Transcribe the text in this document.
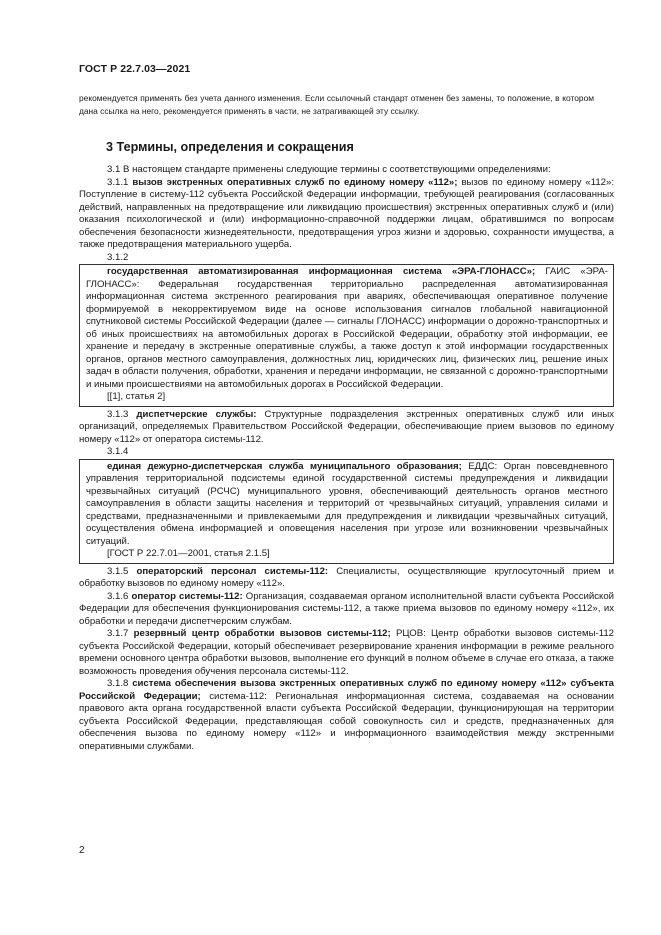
ГОСТ Р 22.7.03—2021
рекомендуется применять без учета данного изменения. Если ссылочный стандарт отменен без замены, то положение, в котором дана ссылка на него, рекомендуется применять в части, не затрагивающей эту ссылку.
3 Термины, определения и сокращения

3.1 В настоящем стандарте применены следующие термины с соответствующими определениями:

3.1.1 вызов экстренных оперативных служб по единому номеру «112»; вызов по единому номеру «112»: Поступление в систему-112 субъекта Российской Федерации информации, требующей реагирования (согласованных действий, направленных на предотвращение или ликвидацию происшествия) экстренных оперативных служб и (или) оказания психологической и (или) информационно-справочной поддержки лицам, обратившимся по вопросам обеспечения безопасности жизнедеятельности, предотвращения угроз жизни и здоровью, сохранности имущества, а также предотвращения материального ущерба.

3.1.2

государственная автоматизированная информационная система «ЭРА-ГЛОНАСС»; ГАИС «ЭРА-ГЛОНАСС»: Федеральная государственная территориально распределенная автоматизированная информационная система экстренного реагирования при авариях, обеспечивающая оперативное получение формируемой в некорректируемом виде на основе использования сигналов глобальной навигационной спутниковой системы Российской Федерации (далее — сигналы ГЛОНАСС) информации о дорожно-транспортных и об иных происшествиях на автомобильных дорогах в Российской Федерации, обработку этой информации, ее хранение и передачу в экстренные оперативные службы, а также доступ к этой информации государственных органов, органов местного самоуправления, должностных лиц, юридических лиц, физических лиц, решение иных задач в области получения, обработки, хранения и передачи информации, не связанной с дорожно-транспортными и иными происшествиями на автомобильных дорогах в Российской Федерации.

[[1], статья 2]

3.1.3 диспетчерские службы: Структурные подразделения экстренных оперативных служб или иных организаций, определяемых Правительством Российской Федерации, обеспечивающие прием вызовов по единому номеру «112» от оператора системы-112.

3.1.4

единая дежурно-диспетчерская служба муниципального образования; ЕДДС: Орган повсевдневного управления территориальной подсистемы единой государственной системы предупреждения и ликвидации чрезвычайных ситуаций (РСЧС) муниципального уровня, обеспечивающий деятельность органов местного самоуправления в области защиты населения и территорий от чрезвычайных ситуаций, управления силами и средствами, предназначенными и привлекаемыми для предупреждения и ликвидации чрезвычайных ситуаций, осуществления обмена информацией и оповещения населения при угрозе или возникновении чрезвычайных ситуаций.

[ГОСТ Р 22.7.01—2001, статья 2.1.5]

3.1.5 операторский персонал системы-112: Специалисты, осуществляющие круглосуточный прием и обработку вызовов по единому номеру «112».

3.1.6 оператор системы-112: Организация, создаваемая органом исполнительной власти субъекта Российской Федерации для обеспечения функционирования системы-112, а также приема вызовов по единому номеру «112», их обработки и передачи диспетчерским службам.

3.1.7 резервный центр обработки вызовов системы-112; РЦОВ: Центр обработки вызовов системы-112 субъекта Российской Федерации, который обеспечивает резервирование хранения информации в режиме реального времени основного центра обработки вызовов, выполнение его функций в полном объеме в случае его отказа, а также возможность проведения обучения персонала системы-112.

3.1.8 система обеспечения вызова экстренных оперативных служб по единому номеру «112» субъекта Российской Федерации; система-112: Региональная информационная система, создаваемая на основании правового акта органа государственной власти субъекта Российской Федерации, функционирующая на территории субъекта Российской Федерации, представляющая собой совокупность сил и средств, предназначенных для обеспечения вызова по единому номеру «112» и информационного взаимодействия между экстренными оперативными службами.

2
